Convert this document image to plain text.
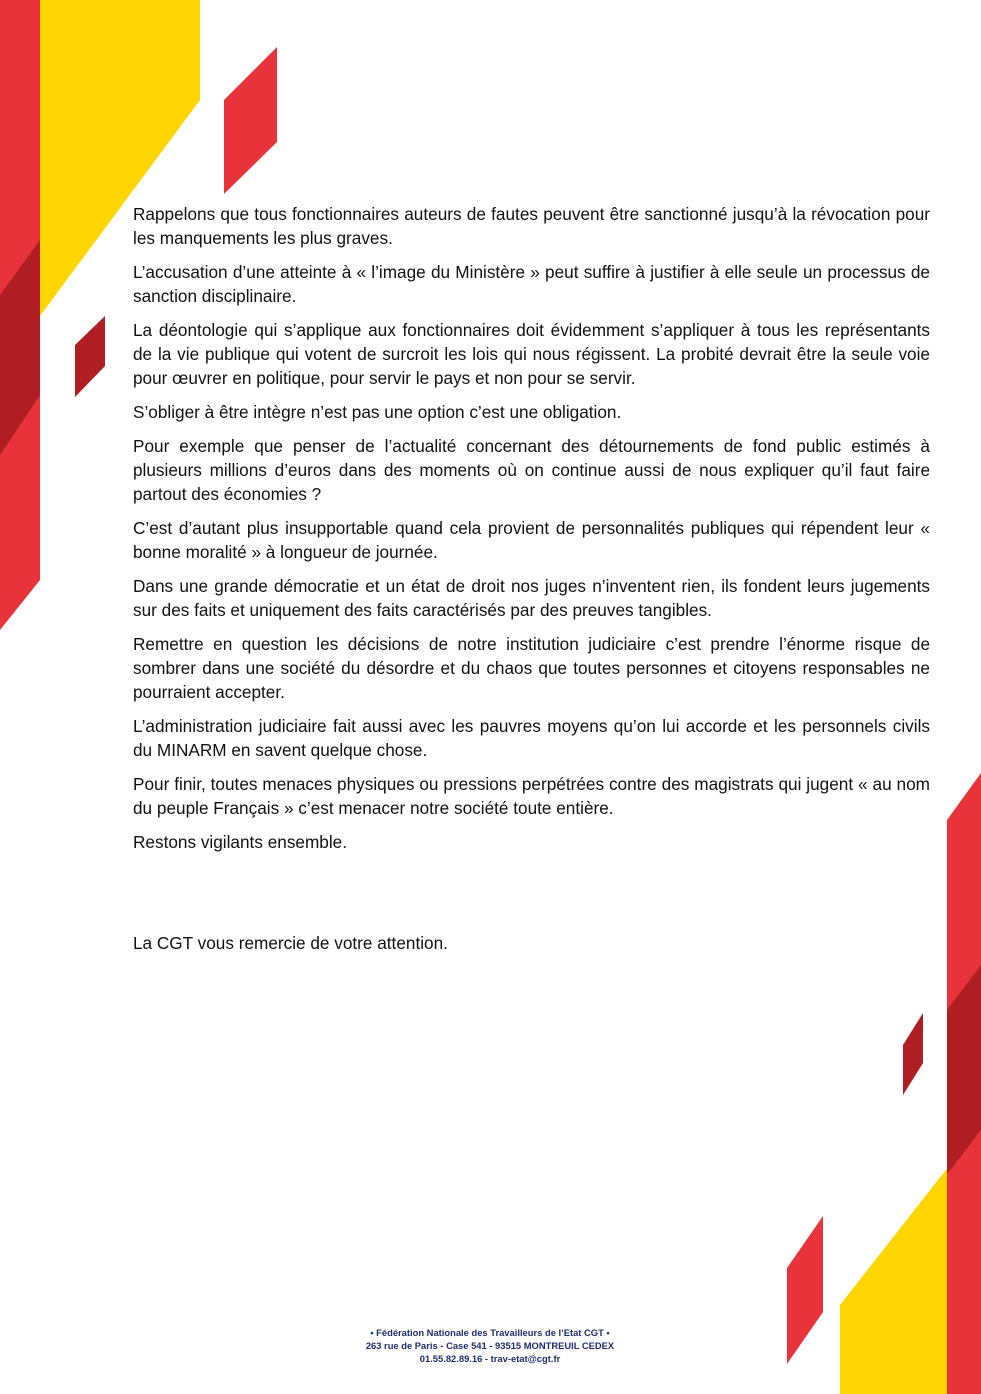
Rappelons que tous fonctionnaires auteurs de fautes peuvent être sanctionné jusqu’à la révocation pour les manquements les plus graves.

L’accusation d’une atteinte à « l’image du Ministère » peut suffire à justifier à elle seule un processus de sanction disciplinaire.

La déontologie qui s’applique aux fonctionnaires doit évidemment s’appliquer à tous les représentants de la vie publique qui votent de surcroit les lois qui nous régissent. La probité devrait être la seule voie pour œuvrer en politique, pour servir le pays et non pour se servir.

S’obliger à être intègre n’est pas une option c’est une obligation.

Pour exemple que penser de l’actualité concernant des détournements de fond public estimés à plusieurs millions d’euros dans des moments où on continue aussi de nous expliquer qu’il faut faire partout des économies ?

C’est d’autant plus insupportable quand cela provient de personnalités publiques qui répendent leur « bonne moralité » à longueur de journée.

Dans une grande démocratie et un état de droit nos juges n’inventent rien, ils fondent leurs jugements sur des faits et uniquement des faits caractérisés par des preuves tangibles.

Remettre en question les décisions de notre institution judiciaire c’est prendre l’énorme risque de sombrer dans une société du désordre et du chaos que toutes personnes et citoyens responsables ne pourraient accepter.

L’administration judiciaire fait aussi avec les pauvres moyens qu’on lui accorde et les personnels civils du MINARM en savent quelque chose.

Pour finir, toutes menaces physiques ou pressions perpétrées contre des magistrats qui jugent « au nom du peuple Français » c’est menacer notre société toute entière.

Restons vigilants ensemble.

La CGT vous remercie de votre attention.

• Fédération Nationale des Travailleurs de l’Etat CGT •
263 rue de Paris - Case 541 - 93515 MONTREUIL CEDEX
01.55.82.89.16 - trav-etat@cgt.fr
